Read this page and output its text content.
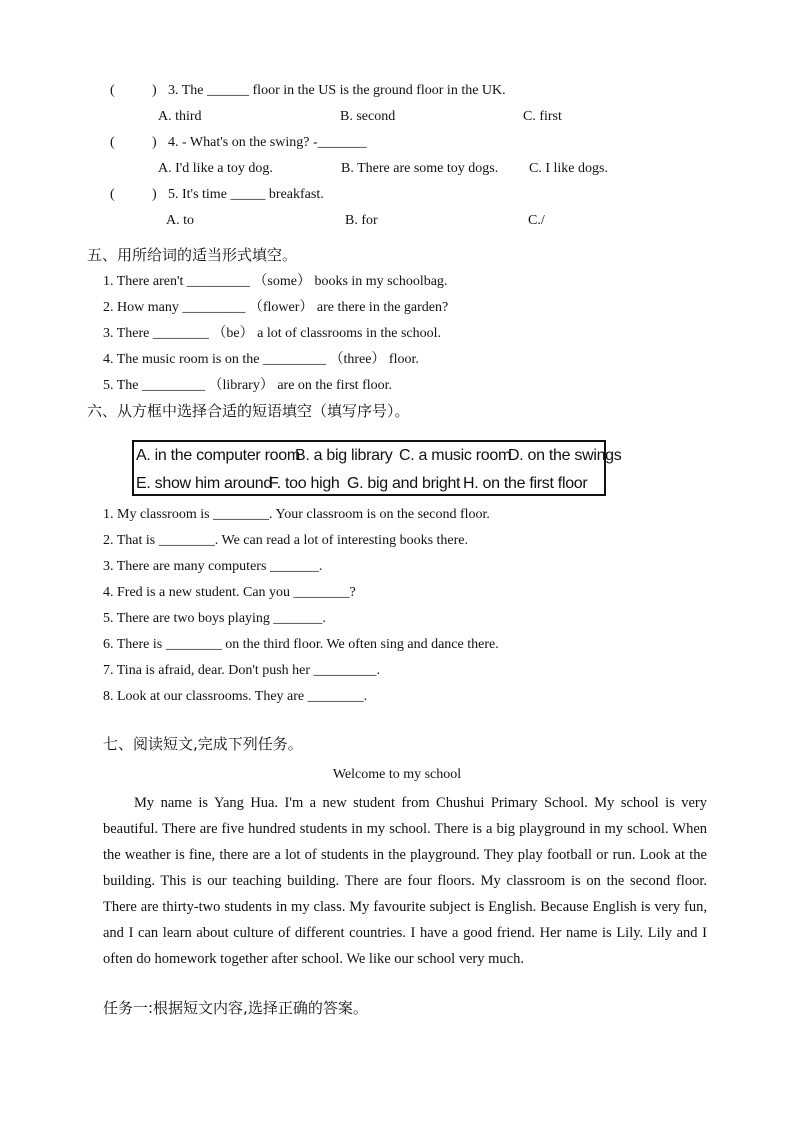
(	) 3. The ______ floor in the US is the ground floor in the UK.
A. third	B. second	C. first
(	) 4. - What's on the swing? -_______
A. I'd like a toy dog.	B. There are some toy dogs. C. I like dogs.
(	) 5. It's time _____ breakfast.
A. to	B. for	C./
五、用所给词的适当形式填空。
1. There aren't _________ （some） books in my schoolbag.
2. How many _________ （flower） are there in the garden?
3. There ________ （be） a lot of classrooms in the school.
4. The music room is on the _________ （three） floor.
5. The _________ （library） are on the first floor.
六、从方框中选择合适的短语填空（填写序号）。
A. in the computer room
B. a big library C. a music room
D. on the swings
E. show him around
F. too high G. big and bright H. on the first floor
1. My classroom is ________. Your classroom is on the second floor.
2. That is ________. We can read a lot of interesting books there.
3. There are many computers _______.
4. Fred is a new student. Can you ________?
5. There are two boys playing _______.
6. There is ________ on the third floor. We often sing and dance there.
7. Tina is afraid, dear. Don't push her _________.
8. Look at our classrooms. They are ________.
七、阅读短文,完成下列任务。
Welcome to my school
My name is Yang Hua. I'm a new student from Chushui Primary School. My school is very beautiful. There are five hundred students in my school. There is a big playground in my school. When the weather is fine, there are a lot of students in the playground. They play football or run. Look at the building. This is our teaching building. There are four floors. My classroom is on the second floor. There are thirty-two students in my class. My favourite subject is English. Because English is very fun, and I can learn about culture of different countries. I have a good friend. Her name is Lily. Lily and I often do homework together after school. We like our school very much.
任务一:根据短文内容,选择正确的答案。
